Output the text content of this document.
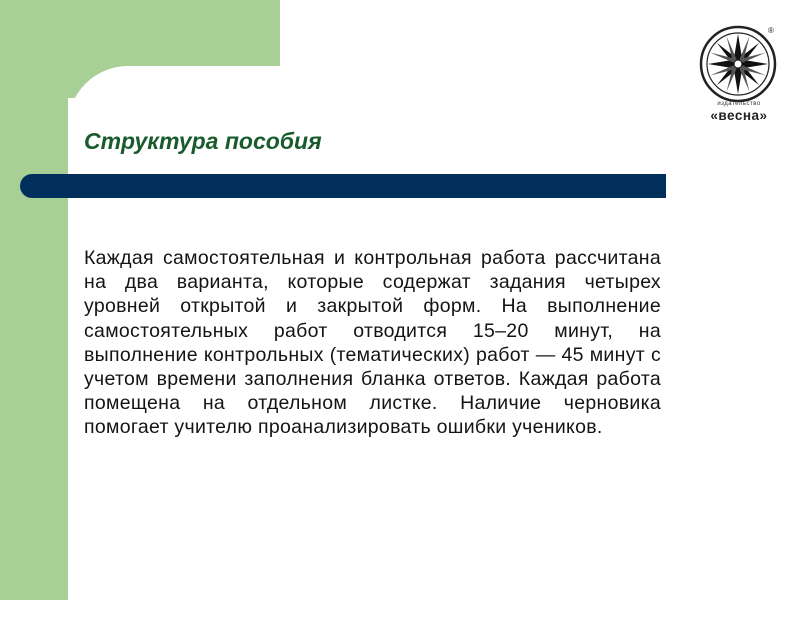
Структура пособия
Каждая самостоятельная и контрольная работа рассчитана на два варианта, которые содержат задания четырех уровней открытой и закрытой форм. На выполнение самостоятельных работ отводится 15–20 минут, на выполнение контрольных (тематических) работ — 45 минут с учетом времени заполнения бланка ответов. Каждая работа помещена на отдельном листке. Наличие черновика помогает учителю проанализировать ошибки учеников.
®
издательство
«весна»
